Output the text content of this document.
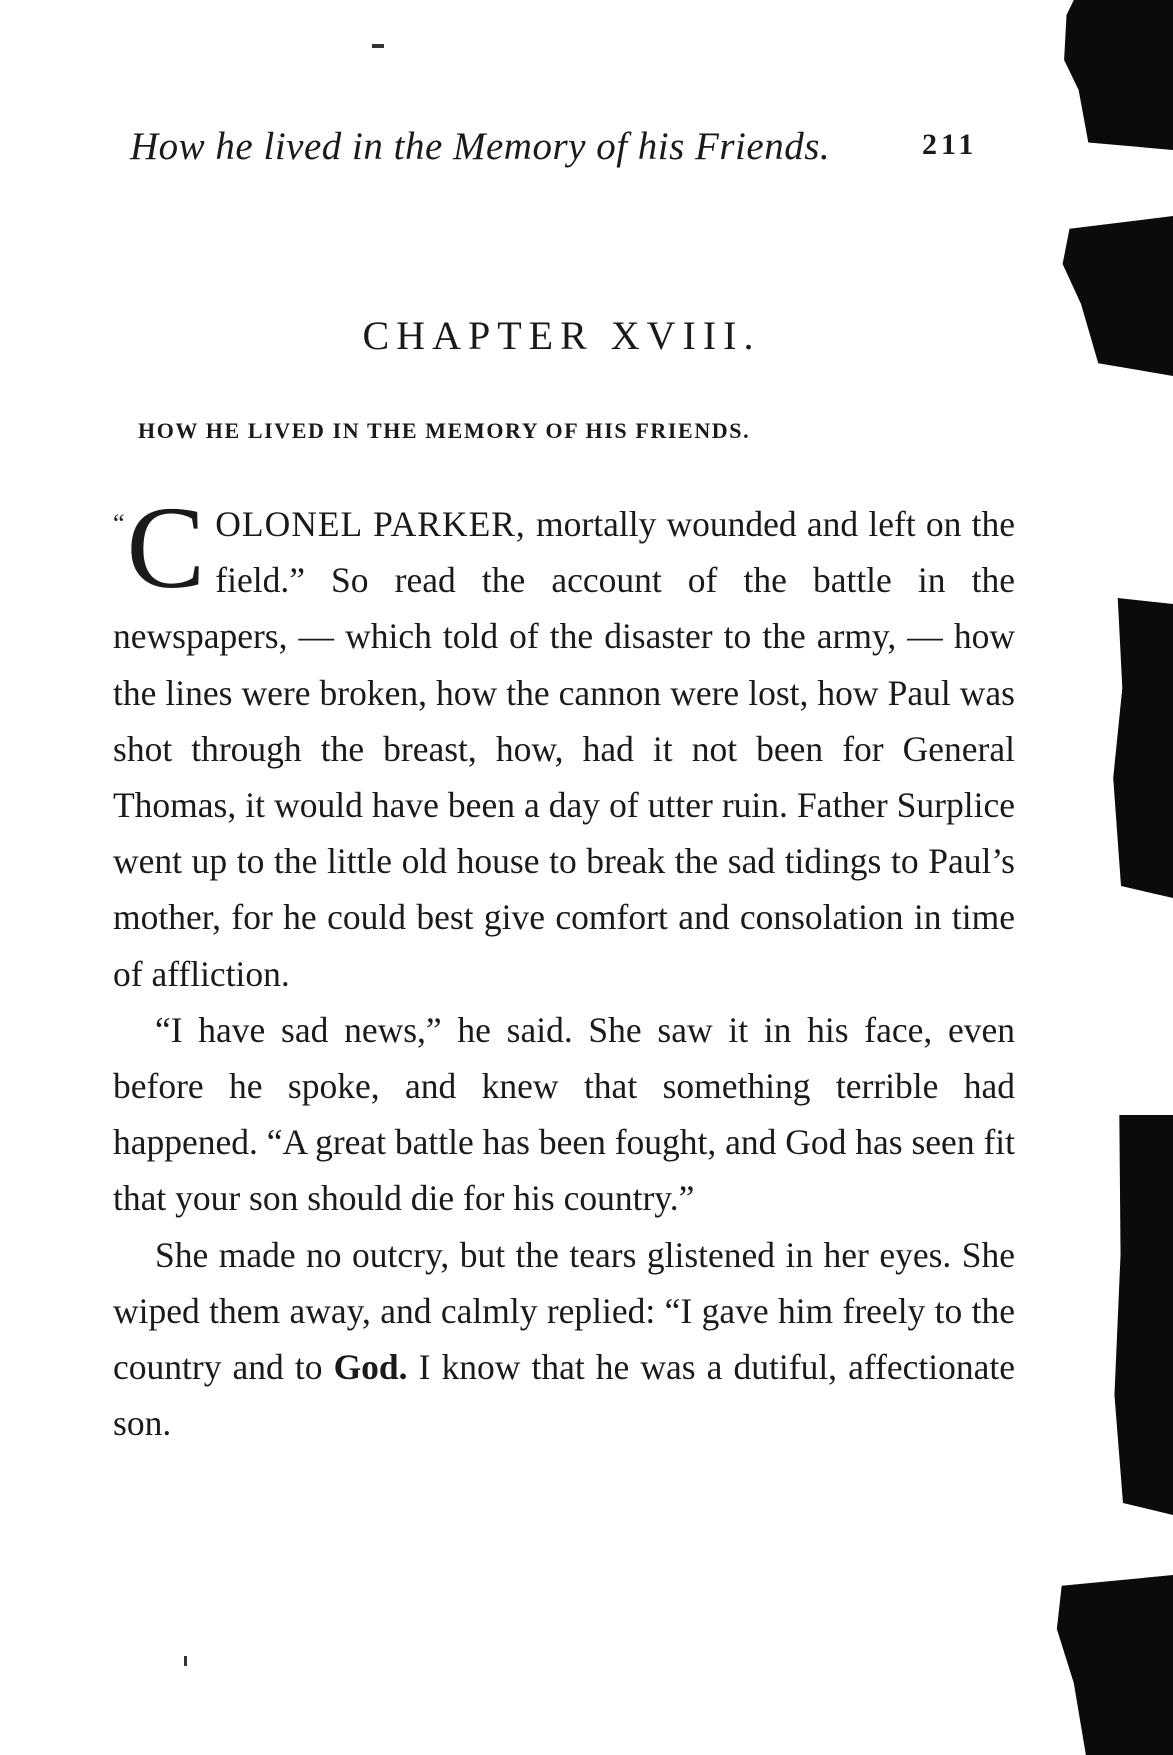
How he lived in the Memory of his Friends.	211
CHAPTER XVIII.
HOW HE LIVED IN THE MEMORY OF HIS FRIENDS.

“ C OLONEL PARKER, mortally wounded and left on the field.” So read the account of the battle in the newspapers, — which told of the disaster to the army, — how the lines were broken, how the cannon were lost, how Paul was shot through the breast, how, had it not been for General Thomas, it would have been a day of utter ruin. Father Surplice went up to the little old house to break the sad tidings to Paul’s mother, for he could best give comfort and consolation in time of affliction.

“I have sad news,” he said. She saw it in his face, even before he spoke, and knew that something terrible had happened. “A great battle has been fought, and God has seen fit that your son should die for his country.”

She made no outcry, but the tears glistened in her eyes. She wiped them away, and calmly replied: “I gave him freely to the country and to God. I know that he was a dutiful, affectionate son.
